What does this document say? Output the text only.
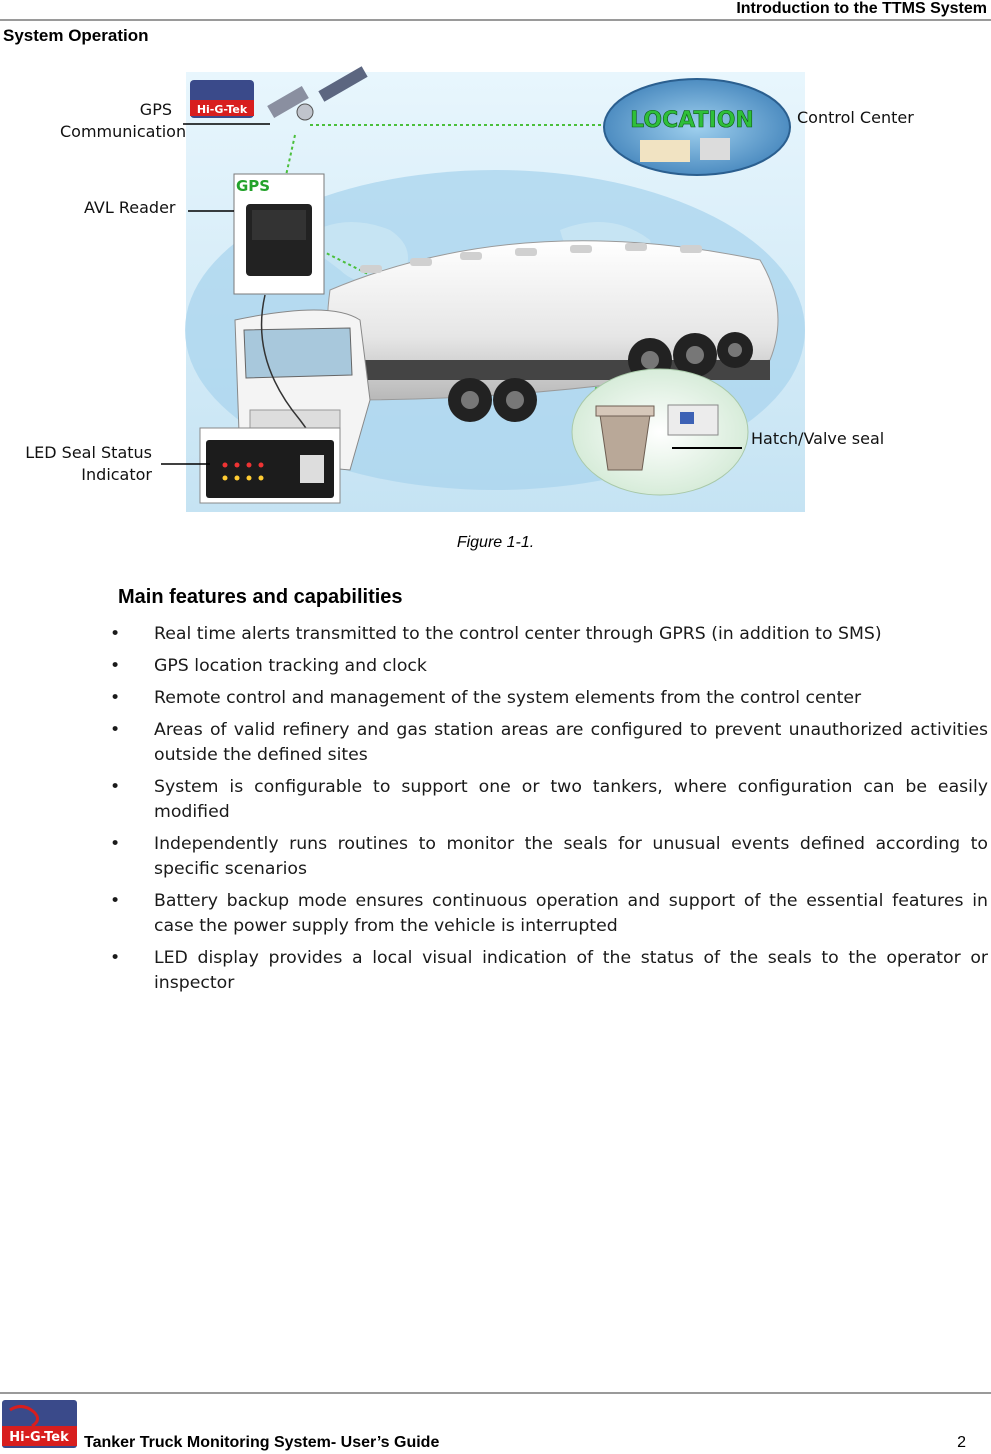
Introduction to the TTMS System
System Operation
Hi-G-Tek	LOCATION
GPS
GPS
Communication
AVL Reader
LED Seal Status
Indicator
Control Center
Hatch/Valve seal
Figure 1-1.
Main features and capabilities
•	Real time alerts transmitted to the control center through GPRS (in addition to SMS)
•	GPS location tracking and clock
•	Remote control and management of the system elements from the control center
•	Areas of valid refinery and gas station areas are configured to prevent unauthorized activities outside the defined sites
•	System is configurable to support one or two tankers, where configuration can be easily modified
•	Independently runs routines to monitor the seals for unusual events defined according to specific scenarios
•	Battery backup mode ensures continuous operation and support of the essential features in case the power supply from the vehicle is interrupted
•	LED display provides a local visual indication of the status of the seals to the operator or inspector
Hi-G-Tek Tanker Truck Monitoring System- User’s Guide	2
